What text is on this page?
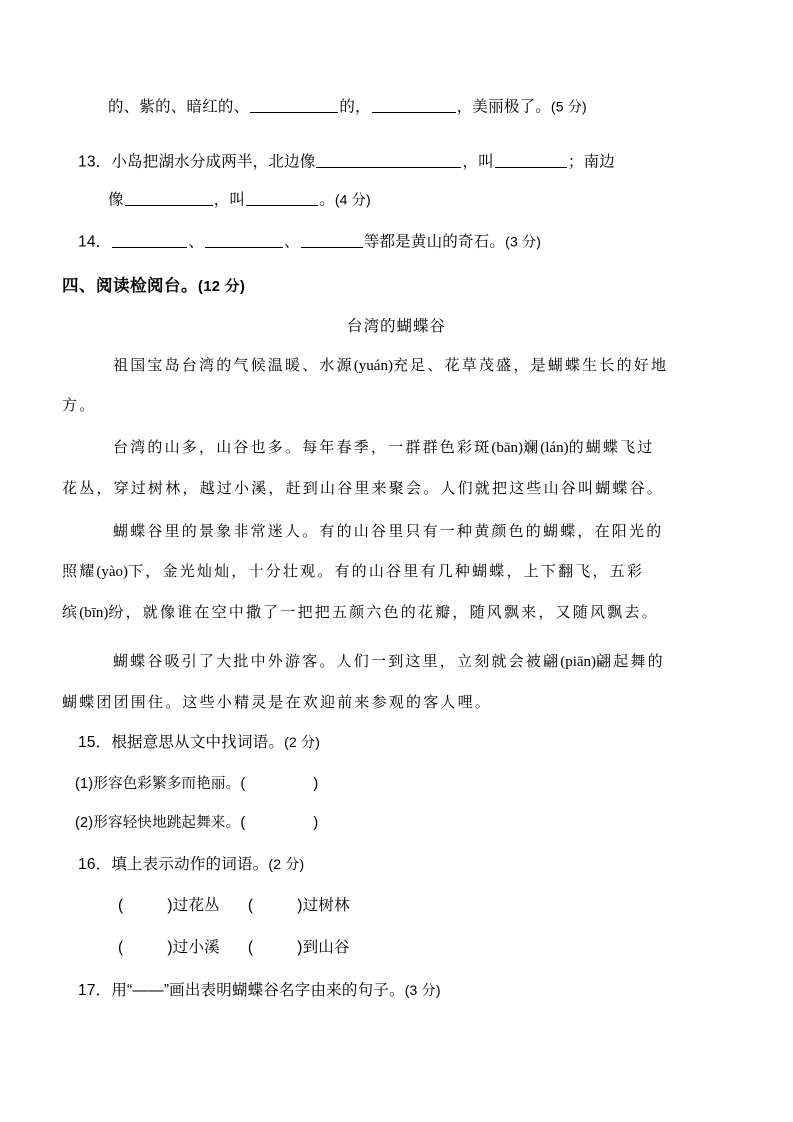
的、紫的、暗红的、	的，	，美丽极了。(5 分)
13．小岛把湖水分成两半，北边像	，叫	；南边
像	，叫	。(4 分)
14．	、	、	等都是黄山的奇石。(3 分)
四、阅读检阅台。(12 分)
台湾的蝴蝶谷
祖国宝岛台湾的气候温暖、水源(yuán)充足、花草茂盛，是蝴蝶生长的好地
方。
台湾的山多，山谷也多。每年春季，一群群色彩斑(bān)斓(lán)的蝴蝶飞过
花丛，穿过树林，越过小溪，赶到山谷里来聚会。人们就把这些山谷叫蝴蝶谷。
蝴蝶谷里的景象非常迷人。有的山谷里只有一种黄颜色的蝴蝶，在阳光的
照耀(yào)下，金光灿灿，十分壮观。有的山谷里有几种蝴蝶，上下翻飞，五彩
缤(bīn)纷，就像谁在空中撒了一把把五颜六色的花瓣，随风飘来，又随风飘去。
蝴蝶谷吸引了大批中外游客。人们一到这里，立刻就会被翩(piān)翩起舞的
蝴蝶团团围住。这些小精灵是在欢迎前来参观的客人哩。
15．根据意思从文中找词语。(2 分)
(1)形容色彩繁多而艳丽。(	)
(2)形容轻快地跳起舞来。(	)
16．填上表示动作的词语。(2 分)
(	)过花丛 (	)过树林
(	)过小溪 (	)到山谷
17．用“——”画出表明蝴蝶谷名字由来的句子。(3 分)
